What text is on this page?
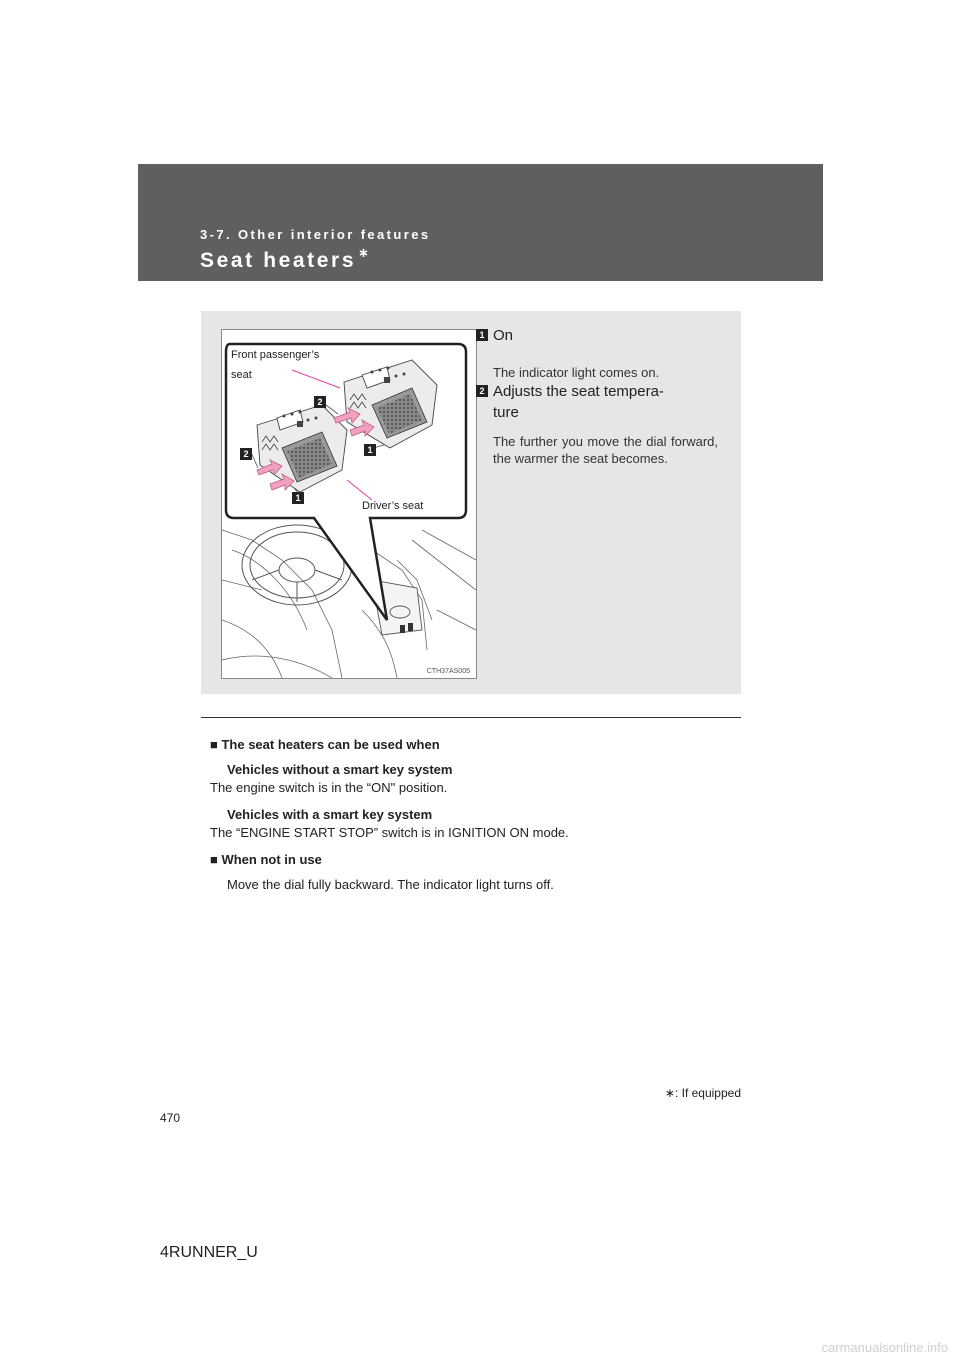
3-7. Other interior features
Seat heaters ∗
Front passenger’s
seat
Driver’s seat
2
1
2
1
CTH37AS005
1 On
The indicator light comes on.
2 Adjusts the seat tempera-
ture
The further you move the dial forward, the warmer the seat becomes.
■ The seat heaters can be used when
Vehicles without a smart key system
The engine switch is in the “ON" position.
Vehicles with a smart key system
The “ENGINE START STOP” switch is in IGNITION ON mode.
■ When not in use
Move the dial fully backward. The indicator light turns off.
∗: If equipped
470
4RUNNER_U
carmanualsonline.info
